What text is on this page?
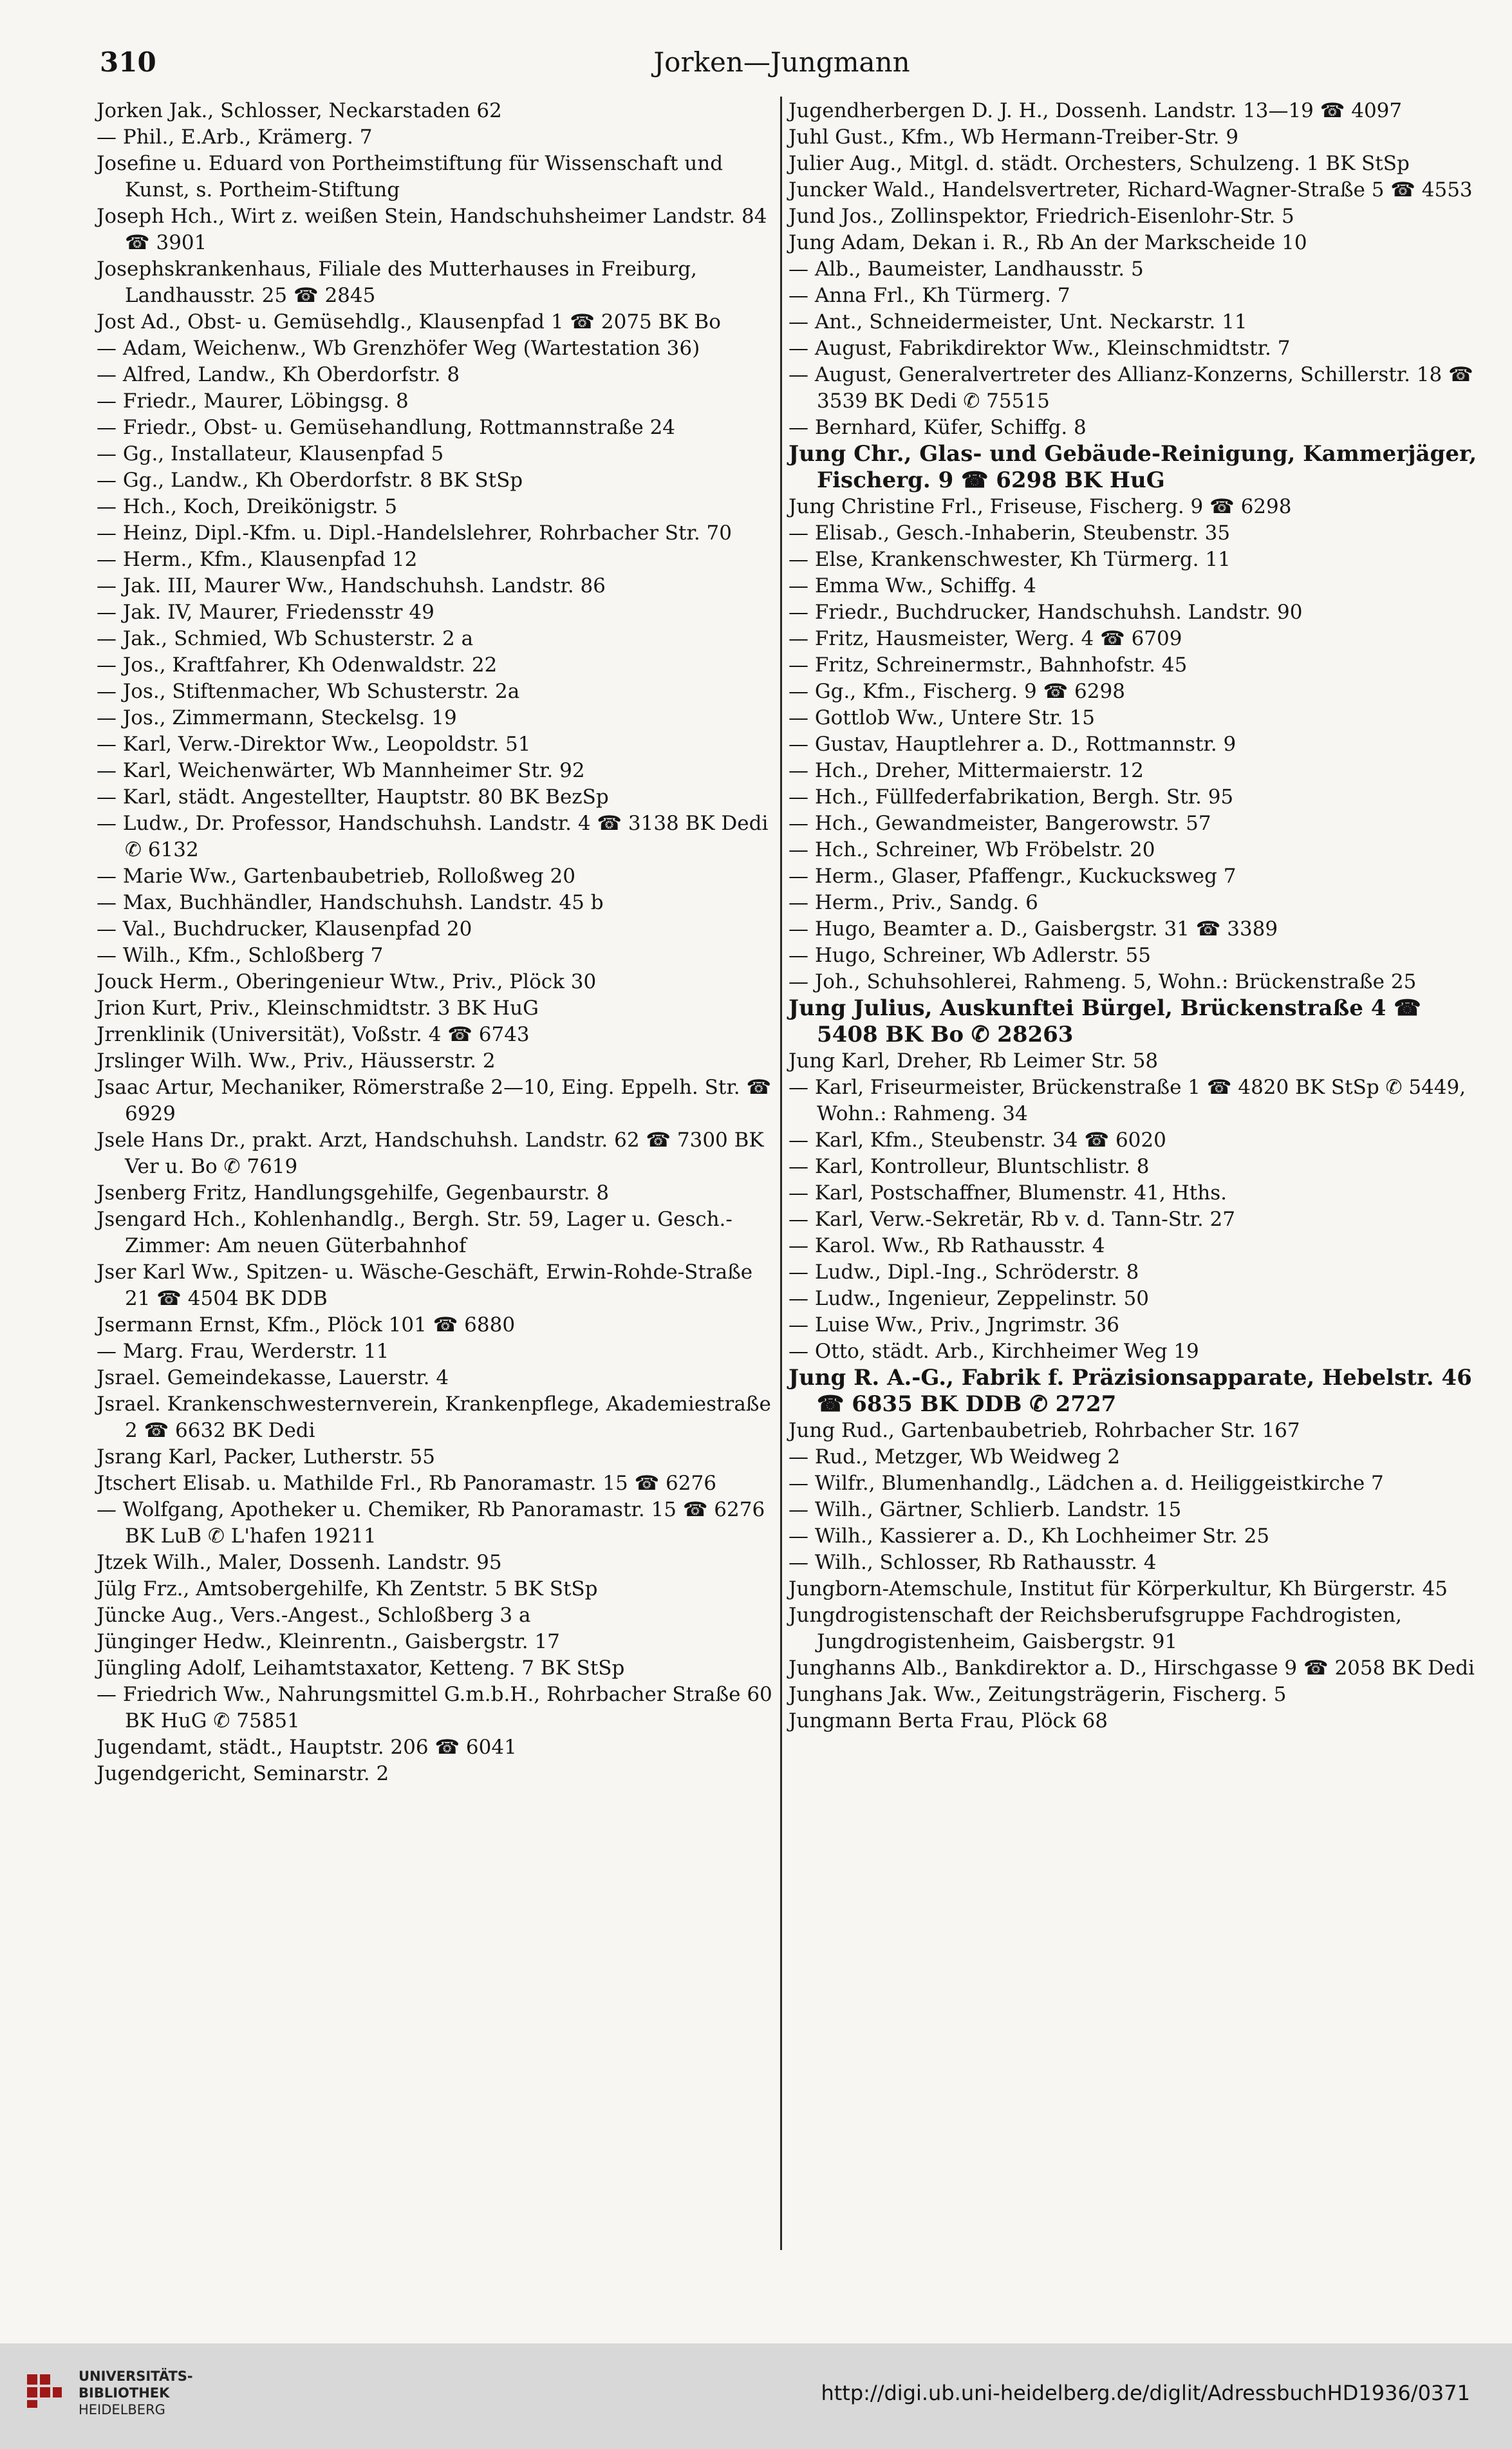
310	Jorken—Jungmann
Jorken Jak., Schlosser, Neckarstaden 62
— Phil., E.Arb., Krämerg. 7
Josefine u. Eduard von Portheimstiftung für Wissenschaft und Kunst, s. Portheim-Stiftung
Joseph Hch., Wirt z. weißen Stein, Handschuhsheimer Landstr. 84 ☎ 3901
Josephskrankenhaus, Filiale des Mutterhauses in Freiburg, Landhausstr. 25 ☎ 2845
Jost Ad., Obst- u. Gemüsehdlg., Klausenpfad 1 ☎ 2075 BK Bo
— Adam, Weichenw., Wb Grenzhöfer Weg (Wartestation 36)
— Alfred, Landw., Kh Oberdorfstr. 8
— Friedr., Maurer, Löbingsg. 8
— Friedr., Obst- u. Gemüsehandlung, Rottmannstraße 24
— Gg., Installateur, Klausenpfad 5
— Gg., Landw., Kh Oberdorfstr. 8 BK StSp
— Hch., Koch, Dreikönigstr. 5
— Heinz, Dipl.-Kfm. u. Dipl.-Handelslehrer, Rohrbacher Str. 70
— Herm., Kfm., Klausenpfad 12
— Jak. III, Maurer Ww., Handschuhsh. Landstr. 86
— Jak. IV, Maurer, Friedensstr 49
— Jak., Schmied, Wb Schusterstr. 2 a
— Jos., Kraftfahrer, Kh Odenwaldstr. 22
— Jos., Stiftenmacher, Wb Schusterstr. 2a
— Jos., Zimmermann, Steckelsg. 19
— Karl, Verw.-Direktor Ww., Leopoldstr. 51
— Karl, Weichenwärter, Wb Mannheimer Str. 92
— Karl, städt. Angestellter, Hauptstr. 80 BK BezSp
— Ludw., Dr. Professor, Handschuhsh. Landstr. 4 ☎ 3138 BK Dedi ✆ 6132
— Marie Ww., Gartenbaubetrieb, Rolloßweg 20
— Max, Buchhändler, Handschuhsh. Landstr. 45 b
— Val., Buchdrucker, Klausenpfad 20
— Wilh., Kfm., Schloßberg 7
Jouck Herm., Oberingenieur Wtw., Priv., Plöck 30
Jrion Kurt, Priv., Kleinschmidtstr. 3 BK HuG
Jrrenklinik (Universität), Voßstr. 4 ☎ 6743
Jrslinger Wilh. Ww., Priv., Häusserstr. 2
Jsaac Artur, Mechaniker, Römerstraße 2—10, Eing. Eppelh. Str. ☎ 6929
Jsele Hans Dr., prakt. Arzt, Handschuhsh. Landstr. 62 ☎ 7300 BK Ver u. Bo ✆ 7619
Jsenberg Fritz, Handlungsgehilfe, Gegenbaurstr. 8
Jsengard Hch., Kohlenhandlg., Bergh. Str. 59, Lager u. Gesch.-Zimmer: Am neuen Güterbahnhof
Jser Karl Ww., Spitzen- u. Wäsche-Geschäft, Erwin-Rohde-Straße 21 ☎ 4504 BK DDB
Jsermann Ernst, Kfm., Plöck 101 ☎ 6880
— Marg. Frau, Werderstr. 11
Jsrael. Gemeindekasse, Lauerstr. 4
Jsrael. Krankenschwesternverein, Krankenpflege, Akademiestraße 2 ☎ 6632 BK Dedi
Jsrang Karl, Packer, Lutherstr. 55
Jtschert Elisab. u. Mathilde Frl., Rb Panoramastr. 15 ☎ 6276
— Wolfgang, Apotheker u. Chemiker, Rb Panoramastr. 15 ☎ 6276 BK LuB ✆ L'hafen 19211
Jtzek Wilh., Maler, Dossenh. Landstr. 95
Jülg Frz., Amtsobergehilfe, Kh Zentstr. 5 BK StSp
Jüncke Aug., Vers.-Angest., Schloßberg 3 a
Jünginger Hedw., Kleinrentn., Gaisbergstr. 17
Jüngling Adolf, Leihamtstaxator, Ketteng. 7 BK StSp
— Friedrich Ww., Nahrungsmittel G.m.b.H., Rohrbacher Straße 60 BK HuG ✆ 75851
Jugendamt, städt., Hauptstr. 206 ☎ 6041
Jugendgericht, Seminarstr. 2
Jugendherbergen D. J. H., Dossenh. Landstr. 13—19 ☎ 4097
Juhl Gust., Kfm., Wb Hermann-Treiber-Str. 9
Julier Aug., Mitgl. d. städt. Orchesters, Schulzeng. 1 BK StSp
Juncker Wald., Handelsvertreter, Richard-Wagner-Straße 5 ☎ 4553
Jund Jos., Zollinspektor, Friedrich-Eisenlohr-Str. 5
Jung Adam, Dekan i. R., Rb An der Markscheide 10
— Alb., Baumeister, Landhausstr. 5
— Anna Frl., Kh Türmerg. 7
— Ant., Schneidermeister, Unt. Neckarstr. 11
— August, Fabrikdirektor Ww., Kleinschmidtstr. 7
— August, Generalvertreter des Allianz-Konzerns, Schillerstr. 18 ☎ 3539 BK Dedi ✆ 75515
— Bernhard, Küfer, Schiffg. 8
Jung Chr., Glas- und Gebäude-Reinigung, Kammerjäger, Fischerg. 9 ☎ 6298 BK HuG
Jung Christine Frl., Friseuse, Fischerg. 9 ☎ 6298
— Elisab., Gesch.-Inhaberin, Steubenstr. 35
— Else, Krankenschwester, Kh Türmerg. 11
— Emma Ww., Schiffg. 4
— Friedr., Buchdrucker, Handschuhsh. Landstr. 90
— Fritz, Hausmeister, Werg. 4 ☎ 6709
— Fritz, Schreinermstr., Bahnhofstr. 45
— Gg., Kfm., Fischerg. 9 ☎ 6298
— Gottlob Ww., Untere Str. 15
— Gustav, Hauptlehrer a. D., Rottmannstr. 9
— Hch., Dreher, Mittermaierstr. 12
— Hch., Füllfederfabrikation, Bergh. Str. 95
— Hch., Gewandmeister, Bangerowstr. 57
— Hch., Schreiner, Wb Fröbelstr. 20
— Herm., Glaser, Pfaffengr., Kuckucksweg 7
— Herm., Priv., Sandg. 6
— Hugo, Beamter a. D., Gaisbergstr. 31 ☎ 3389
— Hugo, Schreiner, Wb Adlerstr. 55
— Joh., Schuhsohlerei, Rahmeng. 5, Wohn.: Brückenstraße 25
Jung Julius, Auskunftei Bürgel, Brückenstraße 4 ☎ 5408 BK Bo ✆ 28263
Jung Karl, Dreher, Rb Leimer Str. 58
— Karl, Friseurmeister, Brückenstraße 1 ☎ 4820 BK StSp ✆ 5449, Wohn.: Rahmeng. 34
— Karl, Kfm., Steubenstr. 34 ☎ 6020
— Karl, Kontrolleur, Bluntschlistr. 8
— Karl, Postschaffner, Blumenstr. 41, Hths.
— Karl, Verw.-Sekretär, Rb v. d. Tann-Str. 27
— Karol. Ww., Rb Rathausstr. 4
— Ludw., Dipl.-Ing., Schröderstr. 8
— Ludw., Ingenieur, Zeppelinstr. 50
— Luise Ww., Priv., Jngrimstr. 36
— Otto, städt. Arb., Kirchheimer Weg 19
Jung R. A.-G., Fabrik f. Präzisionsapparate, Hebelstr. 46 ☎ 6835 BK DDB ✆ 2727
Jung Rud., Gartenbaubetrieb, Rohrbacher Str. 167
— Rud., Metzger, Wb Weidweg 2
— Wilfr., Blumenhandlg., Lädchen a. d. Heiliggeistkirche 7
— Wilh., Gärtner, Schlierb. Landstr. 15
— Wilh., Kassierer a. D., Kh Lochheimer Str. 25
— Wilh., Schlosser, Rb Rathausstr. 4
Jungborn-Atemschule, Institut für Körperkultur, Kh Bürgerstr. 45
Jungdrogistenschaft der Reichsberufsgruppe Fachdrogisten, Jungdrogistenheim, Gaisbergstr. 91
Junghanns Alb., Bankdirektor a. D., Hirschgasse 9 ☎ 2058 BK Dedi
Junghans Jak. Ww., Zeitungsträgerin, Fischerg. 5
Jungmann Berta Frau, Plöck 68
UNIVERSITÄTS-
BIBLIOTHEK
HEIDELBERG
http://digi.ub.uni-heidelberg.de/diglit/AdressbuchHD1936/0371
